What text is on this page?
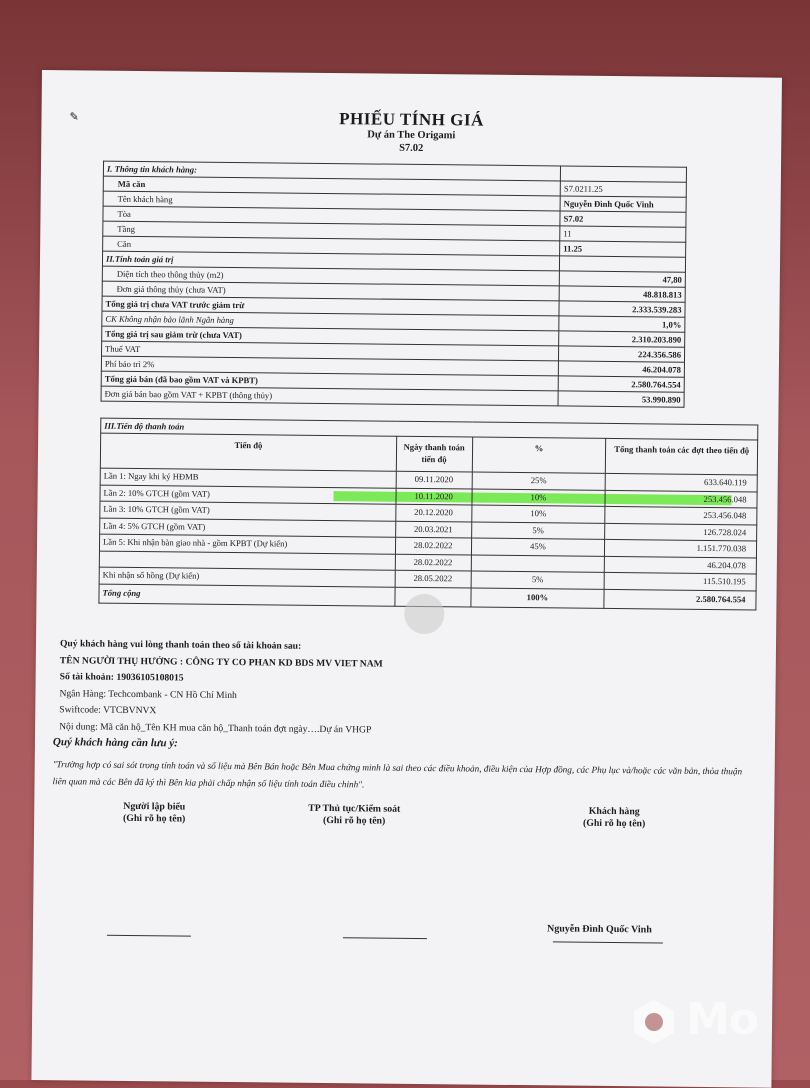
✎	PHIẾU TÍNH GIÁ
Dự án The Origami
S7.02
I. Thông tin khách hàng:	
Mã căn	S7.0211.25
Tên khách hàng	Nguyễn Đình Quốc Vinh
Tòa	S7.02
Tầng	11
Căn	11.25
II.Tính toán giá trị	
Diện tích theo thông thủy (m2)	47,80
Đơn giá thông thủy (chưa VAT)	48.818.813
Tổng giá trị chưa VAT trước giảm trừ	2.333.539.283
CK Không nhận bảo lãnh Ngân hàng	1,0%
Tổng giá trị sau giảm trừ (chưa VAT)	2.310.203.890
Thuế VAT	224.356.586
Phí bảo trì 2%	46.204.078
Tổng giá bán (đã bao gồm VAT và KPBT)	2.580.764.554
Đơn giá bán bao gồm VAT + KPBT (thông thủy)	53.990.890
III.Tiến độ thanh toán			
Tiến độ	Ngày thanh toán tiến độ	%	Tổng thanh toán các đợt theo tiến độ
Lần 1: Ngay khi ký HĐMB	09.11.2020	25%	633.640.119
Lần 2: 10% GTCH (gồm VAT)	10.11.2020	10%	253.456.048
Lần 3: 10% GTCH (gồm VAT)	20.12.2020	10%	253.456.048
Lần 4: 5% GTCH (gồm VAT)	20.03.2021	5%	126.728.024
Lần 5: Khi nhận bàn giao nhà - gồm KPBT (Dự kiến)	28.02.2022	45%	1.151.770.038
	28.02.2022		46.204.078
Khi nhận sổ hồng (Dự kiến)	28.05.2022	5%	115.510.195
Tổng cộng		100%	2.580.764.554
Quý khách hàng vui lòng thanh toán theo số tài khoản sau:
TÊN NGƯỜI THỤ HƯỞNG : CÔNG TY CO PHAN KD BDS MV VIET NAM
Số tài khoản: 19036105108015
Ngân Hàng: Techcombank - CN Hồ Chí Minh
Swiftcode: VTCBVNVX
Nội dung: Mã căn hộ_Tên KH mua căn hộ_Thanh toán đợt ngày….Dự án VHGP
Quý khách hàng cần lưu ý:
"Trường hợp có sai sót trong tính toán và số liệu mà Bên Bán hoặc Bên Mua chứng minh là sai theo các điều khoản, điều kiện của Hợp đồng, các Phụ lục và/hoặc các văn bản, thỏa thuận liên quan mà các Bên đã ký thì Bên kia phải chấp nhận số liệu tính toán điều chỉnh".
Người lập biểu
(Ghi rõ họ tên)
TP Thủ tục/Kiểm soát
(Ghi rõ họ tên)
Khách hàng
(Ghi rõ họ tên)
Nguyễn Đình Quốc Vinh
Mo
